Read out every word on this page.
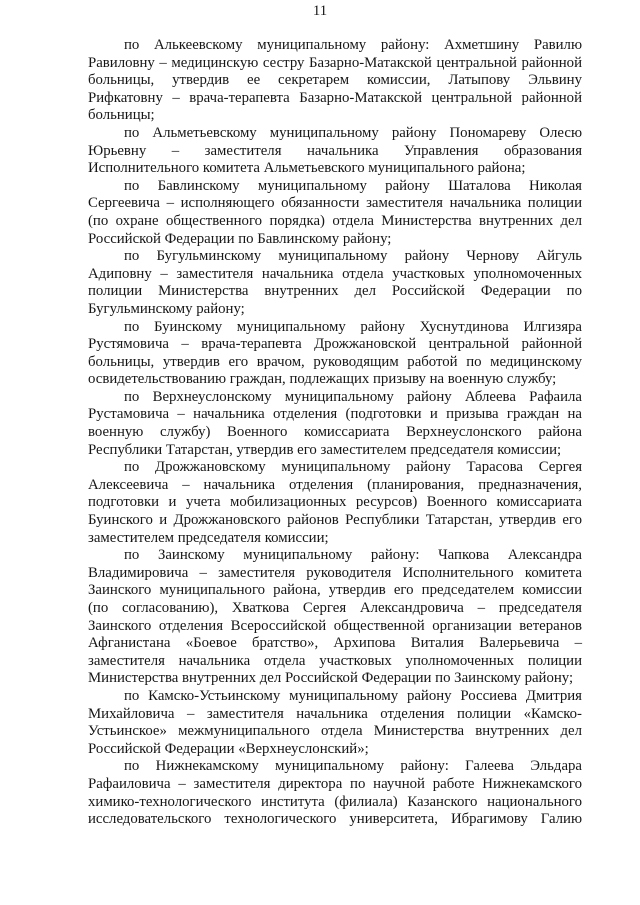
11
по Алькеевскому муниципальному району: Ахметшину Равилю
Равиловну – медицинскую сестру Базарно-Матакской центральной районной
больницы, утвердив ее секретарем комиссии, Латыпову Эльвину
Рифкатовну – врача-терапевта Базарно-Матакской центральной районной
больницы;
по Альметьевскому муниципальному району Пономареву Олесю
Юрьевну – заместителя начальника Управления образования
Исполнительного комитета Альметьевского муниципального района;
по Бавлинскому муниципальному району Шаталова Николая
Сергеевича – исполняющего обязанности заместителя начальника полиции
(по охране общественного порядка) отдела Министерства внутренних дел
Российской Федерации по Бавлинскому району;
по Бугульминскому муниципальному району Чернову Айгуль
Адиповну – заместителя начальника отдела участковых уполномоченных
полиции Министерства внутренних дел Российской Федерации по
Бугульминскому району;
по Буинскому муниципальному району Хуснутдинова Илгизяра
Рустямовича – врача-терапевта Дрожжановской центральной районной
больницы, утвердив его врачом, руководящим работой по медицинскому
освидетельствованию граждан, подлежащих призыву на военную службу;
по Верхнеуслонскому муниципальному району Аблеева Рафаила
Рустамовича – начальника отделения (подготовки и призыва граждан на
военную службу) Военного комиссариата Верхнеуслонского района
Республики Татарстан, утвердив его заместителем председателя комиссии;
по Дрожжановскому муниципальному району Тарасова Сергея
Алексеевича – начальника отделения (планирования, предназначения,
подготовки и учета мобилизационных ресурсов) Военного комиссариата
Буинского и Дрожжановского районов Республики Татарстан, утвердив его
заместителем председателя комиссии;
по Заинскому муниципальному району: Чапкова Александра
Владимировича – заместителя руководителя Исполнительного комитета
Заинского муниципального района, утвердив его председателем комиссии
(по согласованию), Хваткова Сергея Александровича – председателя
Заинского отделения Всероссийской общественной организации ветеранов
Афганистана «Боевое братство», Архипова Виталия Валерьевича –
заместителя начальника отдела участковых уполномоченных полиции
Министерства внутренних дел Российской Федерации по Заинскому району;
по Камско-Устьинскому муниципальному району Россиева Дмитрия
Михайловича – заместителя начальника отделения полиции «Камско-
Устьинское» межмуниципального отдела Министерства внутренних дел
Российской Федерации «Верхнеуслонский»;
по Нижнекамскому муниципальному району: Галеева Эльдара
Рафаиловича – заместителя директора по научной работе Нижнекамского
химико-технологического института (филиала) Казанского национального
исследовательского технологического университета, Ибрагимову Галию
